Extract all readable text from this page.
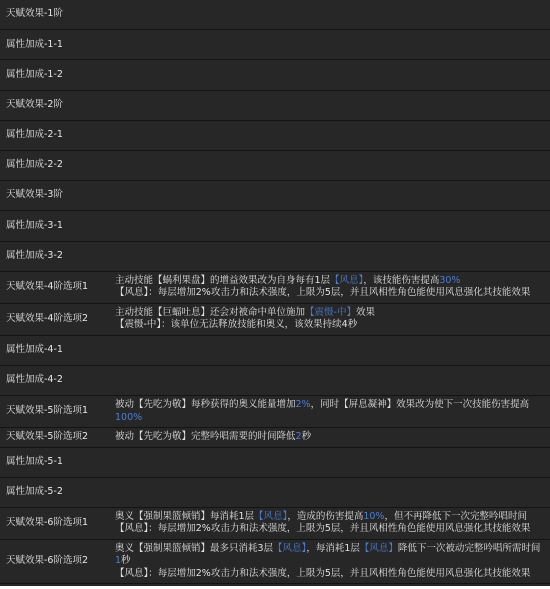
天赋效果-1阶	
属性加成-1-1	
属性加成-1-2	
天赋效果-2阶	
属性加成-2-1	
属性加成-2-2	
天赋效果-3阶	
属性加成-3-1	
属性加成-3-2	
天赋效果-4阶选项1	主动技能【蜗利果盘】的增益效果改为自身每有1层【风息】，该技能伤害提高30%
【风息】：每层增加2%攻击力和法术强度，上限为5层，并且风相性角色能使用风息强化其技能效果

天赋效果-4阶选项2	主动技能【巨蝠吐息】还会对被命中单位施加【震慑-中】效果
【震慑-中】：该单位无法释放技能和奥义，该效果持续4秒

属性加成-4-1	
属性加成-4-2	
天赋效果-5阶选项1	被动【先吃为敬】每秒获得的奥义能量增加2%，同时【屏息凝神】效果改为使下一次技能伤害提高100%

天赋效果-5阶选项2	被动【先吃为敬】完整吟唱需要的时间降低2秒

属性加成-5-1	
属性加成-5-2	
天赋效果-6阶选项1	奥义【强制果篮倾销】每消耗1层【风息】，造成的伤害提高10%，但不再降低下一次完整吟唱时间
【风息】：每层增加2%攻击力和法术强度，上限为5层，并且风相性角色能使用风息强化其技能效果

天赋效果-6阶选项2	奥义【强制果篮倾销】最多只消耗3层【风息】，每消耗1层【风息】降低下一次被动完整吟唱所需时间1秒
【风息】：每层增加2%攻击力和法术强度，上限为5层，并且风相性角色能使用风息强化其技能效果
